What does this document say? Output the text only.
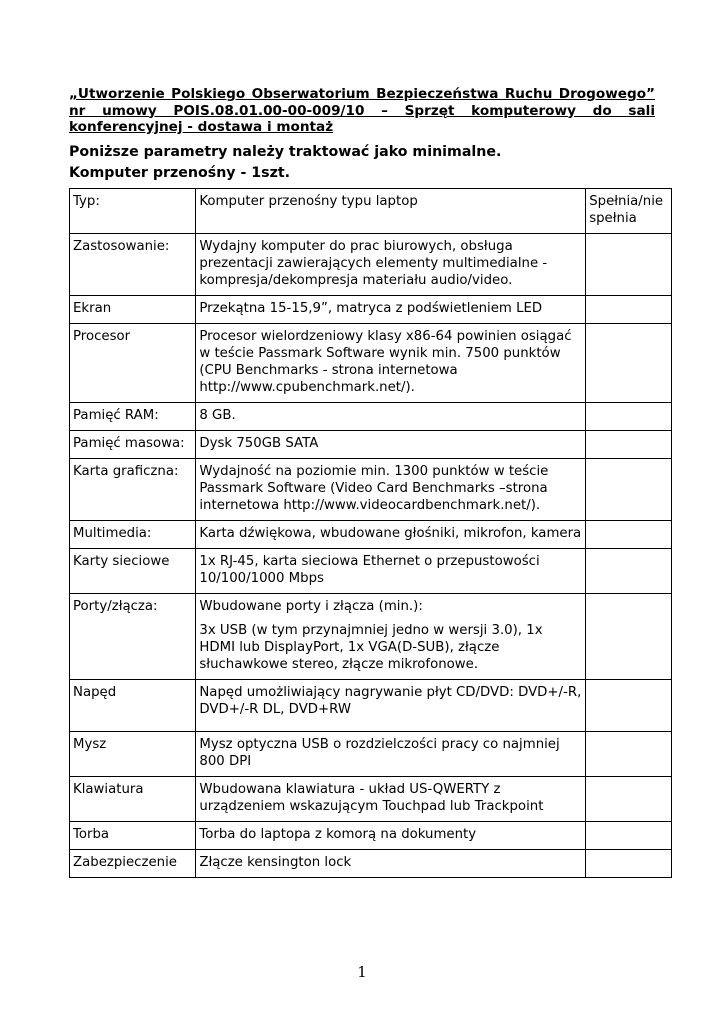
„Utworzenie Polskiego Obserwatorium Bezpieczeństwa Ruchu Drogowego” nr umowy POIS.08.01.00-00-009/10 – Sprzęt komputerowy do sali konferencyjnej - dostawa i montaż
Poniższe parametry należy traktować jako minimalne.
Komputer przenośny - 1szt.
Typ:	Komputer przenośny typu laptop	Spełnia/nie spełnia
Zastosowanie:	Wydajny komputer do prac biurowych, obsługa prezentacji zawierających elementy multimedialne - kompresja/dekompresja materiału audio/video.	
Ekran	Przekątna 15-15,9”, matryca z podświetleniem LED	
Procesor	Procesor wielordzeniowy klasy x86-64 powinien osiągać w teście Passmark Software wynik min. 7500 punktów (CPU Benchmarks - strona internetowa http://www.cpubenchmark.net/).	
Pamięć RAM:	8 GB.	
Pamięć masowa:	Dysk 750GB SATA	
Karta graficzna:	Wydajność na poziomie min. 1300 punktów w teście Passmark Software (Video Card Benchmarks –strona internetowa http://www.videocardbenchmark.net/).	
Multimedia:	Karta dźwiękowa, wbudowane głośniki, mikrofon, kamera	
Karty sieciowe	1x RJ-45, karta sieciowa Ethernet o przepustowości 10/100/1000 Mbps	
Porty/złącza:	Wbudowane porty i złącza (min.):
3x USB (w tym przynajmniej jedno w wersji 3.0), 1x HDMI lub DisplayPort, 1x VGA(D-SUB), złącze słuchawkowe stereo, złącze mikrofonowe.	

Napęd	Napęd umożliwiający nagrywanie płyt CD/DVD: DVD+/-R, DVD+/-R DL, DVD+RW

Mysz	Mysz optyczna USB o rozdzielczości pracy co najmniej 800 DPI	
Klawiatura	Wbudowana klawiatura - układ US-QWERTY z urządzeniem wskazującym Touchpad lub Trackpoint	
Torba	Torba do laptopa z komorą na dokumenty	
Zabezpieczenie	Złącze kensington lock	
1
